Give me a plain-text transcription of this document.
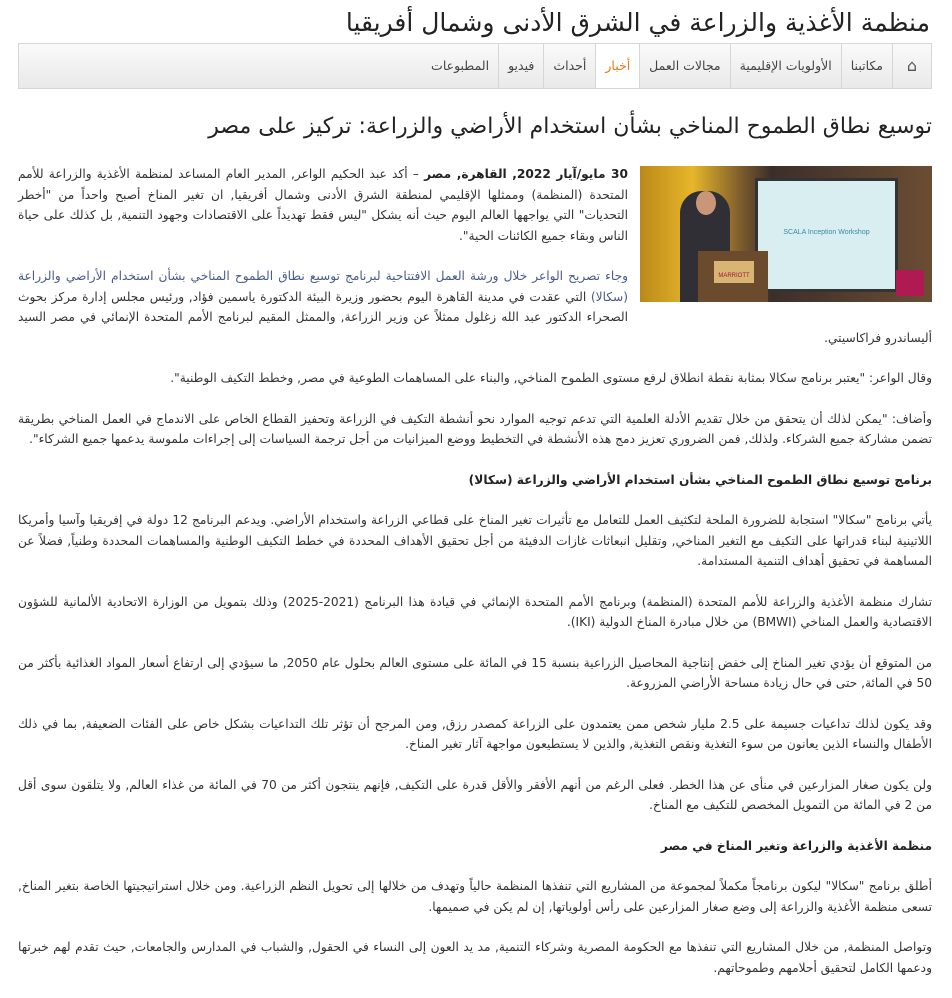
منظمة الأغذية والزراعة في الشرق الأدنى وشمال أفريقيا
⌂
مكاتبنا
الأولويات الإقليمية
مجالات العمل
أخبار
أحداث
فيديو
المطبوعات
توسيع نطاق الطموح المناخي بشأن استخدام الأراضي والزراعة: تركيز على مصر
SCALA Inception Workshop
MARRIOTT

30 مايو/آيار 2022, القاهرة, مصر – أكد عبد الحكيم الواعر, المدير العام المساعد لمنظمة الأغذية والزراعة للأمم المتحدة (المنظمة) وممثلها الإقليمي لمنطقة الشرق الأدنى وشمال أفريقيا, ان تغير المناخ أصبح واحداً من "أخطر التحديات" التي يواجهها العالم اليوم حيث أنه يشكل "ليس فقط تهديداً على الاقتصادات وجهود التنمية, بل كذلك على حياة الناس وبقاء جميع الكائنات الحية".

وجاء تصريح الواعر خلال ورشة العمل الافتتاحية لبرنامج توسيع نطاق الطموح المناخي بشأن استخدام الأراضي والزراعة (سكالا) التي عقدت في مدينة القاهرة اليوم بحضور وزيرة البيئة الدكتورة ياسمين فؤاد, ورئيس مجلس إدارة مركز بحوث الصحراء الدكتور عبد الله زغلول ممثلاً عن وزير الزراعة, والممثل المقيم لبرنامج الأمم المتحدة الإنمائي في مصر السيد أليساندرو فراكاسيتي.

وقال الواعر: "يعتبر برنامج سكالا بمثابة نقطة انطلاق لرفع مستوى الطموح المناخي, والبناء على المساهمات الطوعية في مصر, وخطط التكيف الوطنية".

وأضاف: "يمكن لذلك أن يتحقق من خلال تقديم الأدلة العلمية التي تدعم توجيه الموارد نحو أنشطة التكيف في الزراعة وتحفيز القطاع الخاص على الاندماج في العمل المناخي بطريقة تضمن مشاركة جميع الشركاء. ولذلك, فمن الضروري تعزيز دمج هذه الأنشطة في التخطيط ووضع الميزانيات من أجل ترجمة السياسات إلى إجراءات ملموسة يدعمها جميع الشركاء".

برنامج توسيع نطاق الطموح المناخي بشأن استخدام الأراضي والزراعة (سكالا)

يأتي برنامج "سكالا" استجابة للضرورة الملحة لتكثيف العمل للتعامل مع تأثيرات تغير المناخ على قطاعي الزراعة واستخدام الأراضي. ويدعم البرنامج 12 دولة في إفريقيا وآسيا وأمريكا اللاتينية لبناء قدراتها على التكيف مع التغير المناخي, وتقليل انبعاثات غازات الدفيئة من أجل تحقيق الأهداف المحددة في خطط التكيف الوطنية والمساهمات المحددة وطنياً, فضلاً عن المساهمة في تحقيق أهداف التنمية المستدامة.

تشارك منظمة الأغذية والزراعة للأمم المتحدة (المنظمة) وبرنامج الأمم المتحدة الإنمائي في قيادة هذا البرنامج (2021-2025) وذلك بتمويل من الوزارة الاتحادية الألمانية للشؤون الاقتصادية والعمل المناخي (BMWI) من خلال مبادرة المناخ الدولية (IKI).

من المتوقع أن يؤدي تغير المناخ إلى خفض إنتاجية المحاصيل الزراعية بنسبة 15 في المائة على مستوى العالم بحلول عام 2050, ما سيؤدي إلى ارتفاع أسعار المواد الغذائية بأكثر من 50 في المائة, حتى في حال زيادة مساحة الأراضي المزروعة.

وقد يكون لذلك تداعيات جسيمة على 2.5 مليار شخص ممن يعتمدون على الزراعة كمصدر رزق, ومن المرجح أن تؤثر تلك التداعيات بشكل خاص على الفئات الضعيفة, بما في ذلك الأطفال والنساء الذين يعانون من سوء التغذية ونقص التغذية, والذين لا يستطيعون مواجهة آثار تغير المناخ.

ولن يكون صغار المزارعين في منأى عن هذا الخطر. فعلى الرغم من أنهم الأفقر والأقل قدرة على التكيف, فإنهم ينتجون أكثر من 70 في المائة من غذاء العالم, ولا يتلقون سوى أقل من 2 في المائة من التمويل المخصص للتكيف مع المناخ.

منظمة الأغذية والزراعة وتغير المناخ في مصر

أطلق برنامج "سكالا" ليكون برنامجاً مكملاً لمجموعة من المشاريع التي تنفذها المنظمة حالياً وتهدف من خلالها إلى تحويل النظم الزراعية. ومن خلال استراتيجيتها الخاصة بتغير المناخ, تسعى منظمة الأغذية والزراعة إلى وضع صغار المزارعين على رأس أولوياتها, إن لم يكن في صميمها.

وتواصل المنظمة, من خلال المشاريع التي تنفذها مع الحكومة المصرية وشركاء التنمية, مد يد العون إلى النساء في الحقول, والشباب في المدارس والجامعات, حيث تقدم لهم خبرتها ودعمها الكامل لتحقيق أحلامهم وطموحاتهم.
